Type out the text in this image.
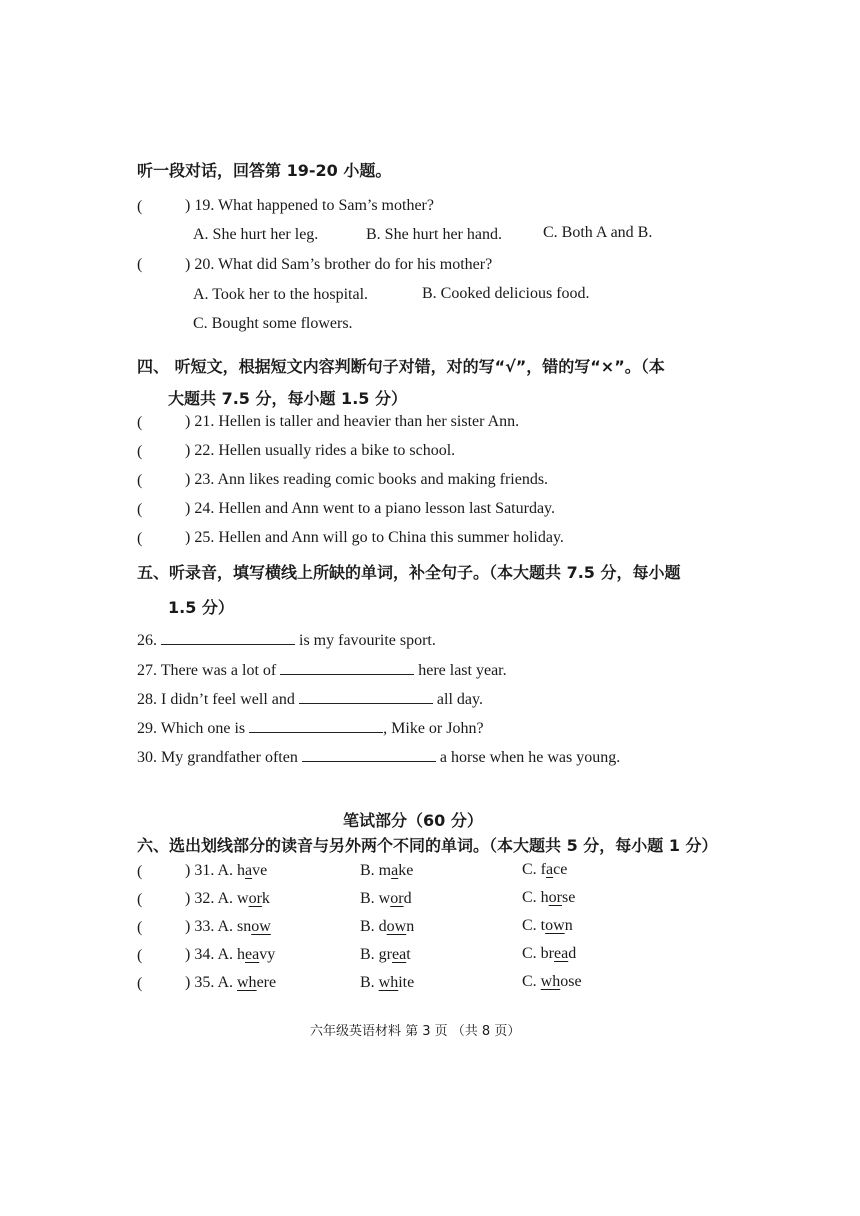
听一段对话，回答第 19-20 小题。
(	) 19. What happened to Sam’s mother?
A. She hurt her leg.	B. She hurt her hand.	C. Both A and B.
(	) 20. What did Sam’s brother do for his mother?
A. Took her to the hospital.	B. Cooked delicious food.
C. Bought some flowers.
四、 听短文，根据短文内容判断句子对错，对的写“√”，错的写“×”。（本
大题共 7.5 分，每小题 1.5 分）
(	) 21. Hellen is taller and heavier than her sister Ann.
(	) 22. Hellen usually rides a bike to school.
(	) 23. Ann likes reading comic books and making friends.
(	) 24. Hellen and Ann went to a piano lesson last Saturday.
(	) 25. Hellen and Ann will go to China this summer holiday.
五、听录音，填写横线上所缺的单词，补全句子。（本大题共 7.5 分，每小题
1.5 分）
26.	is my favourite sport.
27. There was a lot of	here last year.
28. I didn’t feel well and	all day.
29. Which one is	, Mike or John?
30. My grandfather often	a horse when he was young.
笔试部分（60 分）
六、选出划线部分的读音与另外两个不同的单词。（本大题共 5 分，每小题 1 分）
(	) 31. A. have	B. make	C. face
(	) 32. A. work	B. word	C. horse
(	) 33. A. snow	B. down	C. town
(	) 34. A. heavy	B. great	C. bread
(	) 35. A. where	B. white	C. whose
六年级英语材料 第 3 页 （共 8 页）
